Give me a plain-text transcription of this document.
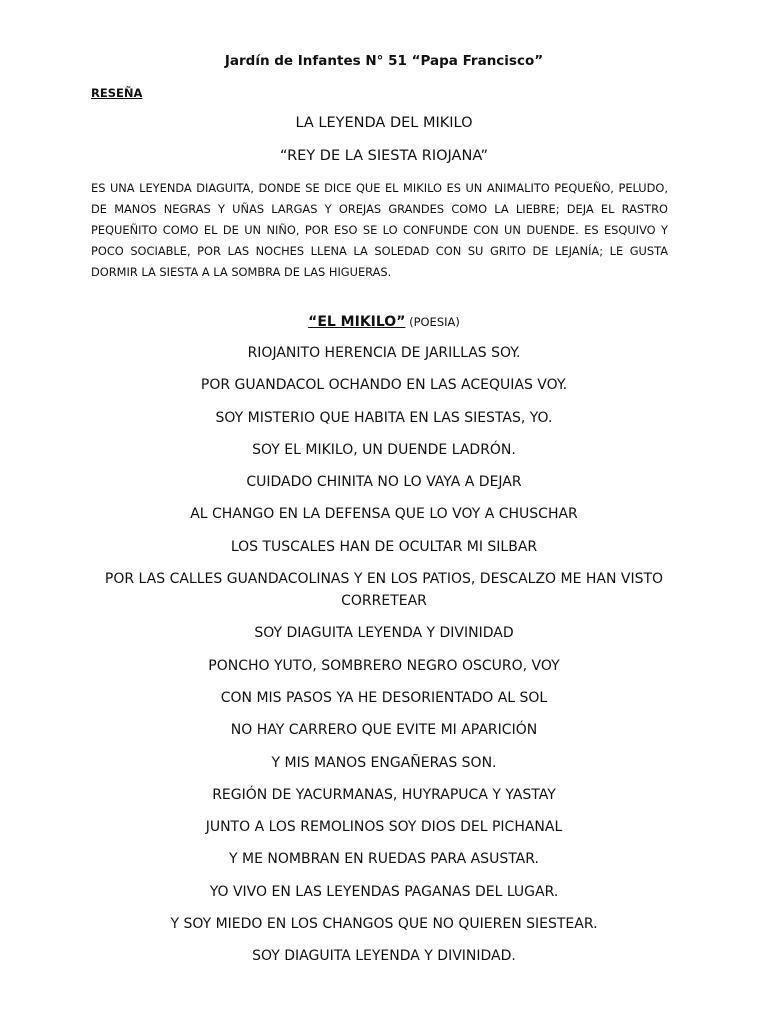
Jardín de Infantes N° 51 “Papa Francisco”
RESEÑA
LA LEYENDA DEL MIKILO
“REY DE LA SIESTA RIOJANA”
ES UNA LEYENDA DIAGUITA, DONDE SE DICE QUE EL MIKILO ES UN ANIMALITO PEQUEÑO, PELUDO, DE MANOS NEGRAS Y UÑAS LARGAS Y OREJAS GRANDES COMO LA LIEBRE; DEJA EL RASTRO PEQUEÑITO COMO EL DE UN NIÑO, POR ESO SE LO CONFUNDE CON UN DUENDE. ES ESQUIVO Y POCO SOCIABLE, POR LAS NOCHES LLENA LA SOLEDAD CON SU GRITO DE LEJANÍA; LE GUSTA DORMIR LA SIESTA A LA SOMBRA DE LAS HIGUERAS.
“EL MIKILO” (POESIA)
RIOJANITO HERENCIA DE JARILLAS SOY.
POR GUANDACOL OCHANDO EN LAS ACEQUIAS VOY.
SOY MISTERIO QUE HABITA EN LAS SIESTAS, YO.
SOY EL MIKILO, UN DUENDE LADRÓN.
CUIDADO CHINITA NO LO VAYA A DEJAR
AL CHANGO EN LA DEFENSA QUE LO VOY A CHUSCHAR
LOS TUSCALES HAN DE OCULTAR MI SILBAR
POR LAS CALLES GUANDACOLINAS Y EN LOS PATIOS, DESCALZO ME HAN VISTO CORRETEAR
SOY DIAGUITA LEYENDA Y DIVINIDAD
PONCHO YUTO, SOMBRERO NEGRO OSCURO, VOY
CON MIS PASOS YA HE DESORIENTADO AL SOL
NO HAY CARRERO QUE EVITE MI APARICIÓN
Y MIS MANOS ENGAÑERAS SON.
REGIÓN DE YACURMANAS, HUYRAPUCA Y YASTAY
JUNTO A LOS REMOLINOS SOY DIOS DEL PICHANAL
Y ME NOMBRAN EN RUEDAS PARA ASUSTAR.
YO VIVO EN LAS LEYENDAS PAGANAS DEL LUGAR.
Y SOY MIEDO EN LOS CHANGOS QUE NO QUIEREN SIESTEAR.
SOY DIAGUITA LEYENDA Y DIVINIDAD.
